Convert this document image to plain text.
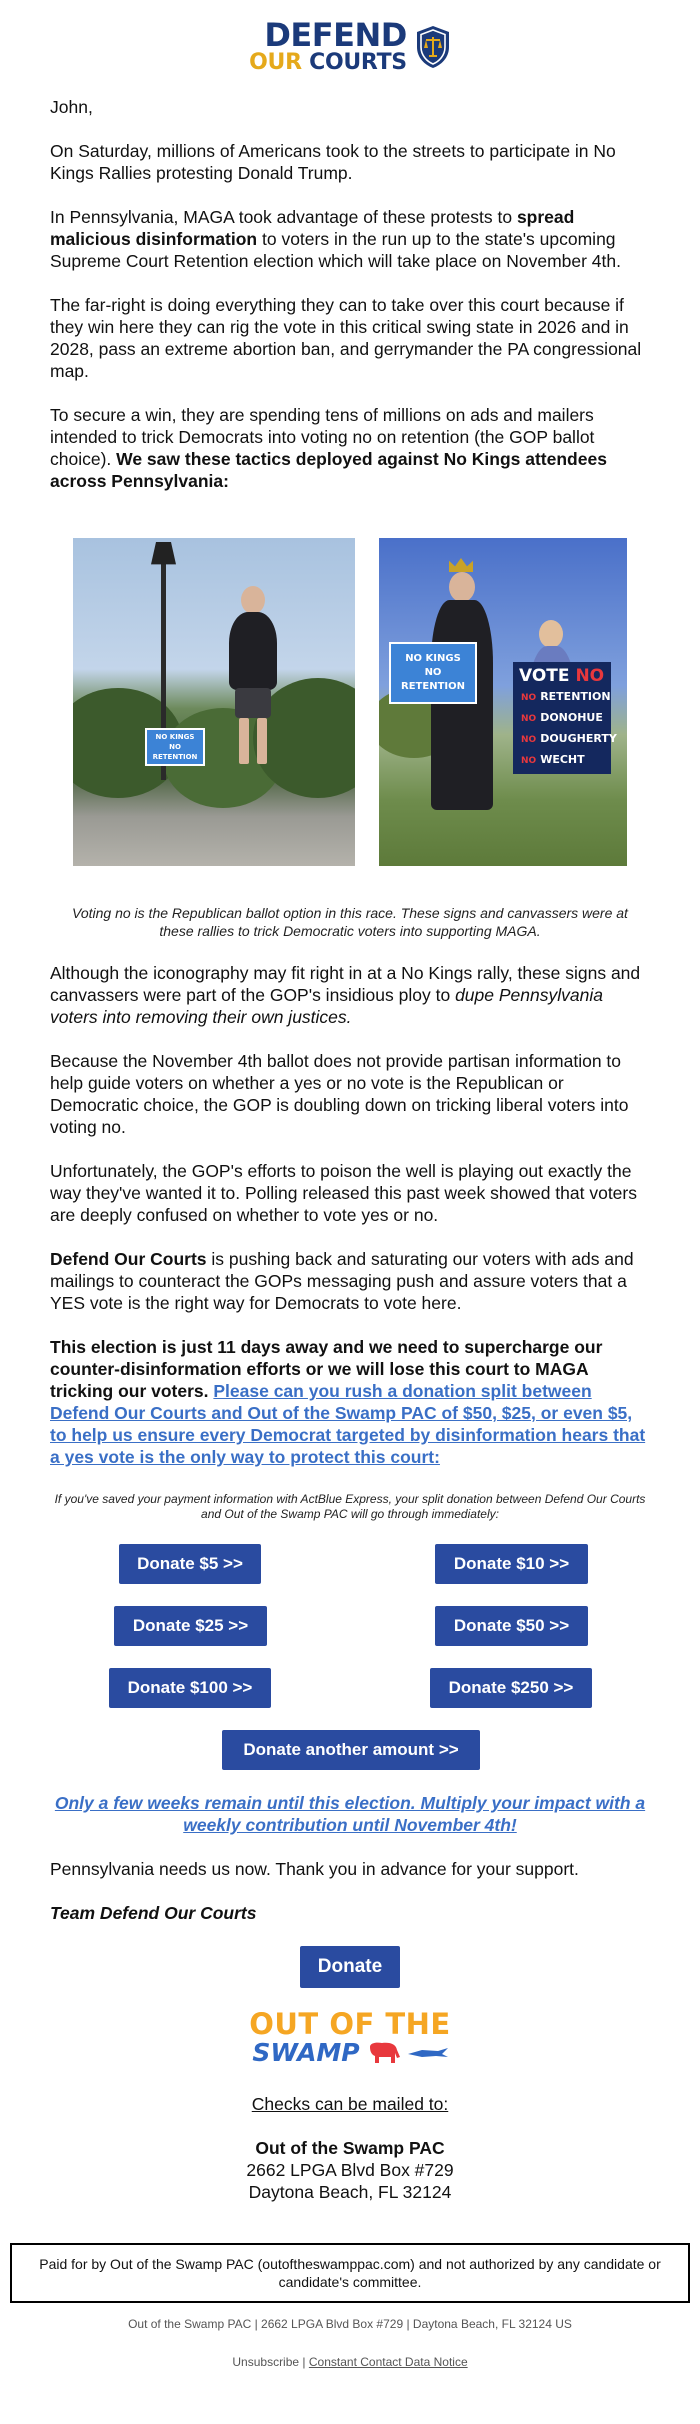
DEFEND
OUR COURTS

John,

On Saturday, millions of Americans took to the streets to participate in No Kings Rallies protesting Donald Trump.

In Pennsylvania, MAGA took advantage of these protests to spread malicious disinformation to voters in the run up to the state's upcoming Supreme Court Retention election which will take place on November 4th.

The far-right is doing everything they can to take over this court because if they win here they can rig the vote in this critical swing state in 2026 and in 2028, pass an extreme abortion ban, and gerrymander the PA congressional map.

To secure a win, they are spending tens of millions on ads and mailers intended to trick Democrats into voting no on retention (the GOP ballot choice). We saw these tactics deployed against No Kings attendees across Pennsylvania:

NO KINGS
NO RETENTION
NO KINGS
NO RETENTION
VOTE NO
NO RETENTION
NO DONOHUE
NO DOUGHERTY
NO WECHT

Voting no is the Republican ballot option in this race. These signs and canvassers were at these rallies to trick Democratic voters into supporting MAGA.

Although the iconography may fit right in at a No Kings rally, these signs and canvassers were part of the GOP's insidious ploy to dupe Pennsylvania voters into removing their own justices.

Because the November 4th ballot does not provide partisan information to help guide voters on whether a yes or no vote is the Republican or Democratic choice, the GOP is doubling down on tricking liberal voters into voting no.

Unfortunately, the GOP's efforts to poison the well is playing out exactly the way they've wanted it to. Polling released this past week showed that voters are deeply confused on whether to vote yes or no.

Defend Our Courts is pushing back and saturating our voters with ads and mailings to counteract the GOPs messaging push and assure voters that a YES vote is the right way for Democrats to vote here.

This election is just 11 days away and we need to supercharge our counter-disinformation efforts or we will lose this court to MAGA tricking our voters. Please can you rush a donation split between Defend Our Courts and Out of the Swamp PAC of $50, $25, or even $5, to help us ensure every Democrat targeted by disinformation hears that a yes vote is the only way to protect this court:

If you've saved your payment information with ActBlue Express, your split donation between Defend Our Courts and Out of the Swamp PAC will go through immediately:

Donate $5 >>	Donate $10 >>
Donate $25 >>	Donate $50 >>
Donate $100 >>	Donate $250 >>
Donate another amount >>

Only a few weeks remain until this election. Multiply your impact with a weekly contribution until November 4th!

Pennsylvania needs us now. Thank you in advance for your support.

Team Defend Our Courts

Donate
OUT OF THE
SWAMP

Checks can be mailed to:

Out of the Swamp PAC
2662 LPGA Blvd Box #729
Daytona Beach, FL 32124
Paid for by Out of the Swamp PAC (outoftheswamppac.com) and not authorized by any candidate or candidate's committee.
Out of the Swamp PAC | 2662 LPGA Blvd Box #729 | Daytona Beach, FL 32124 US
Unsubscribe | Constant Contact Data Notice
